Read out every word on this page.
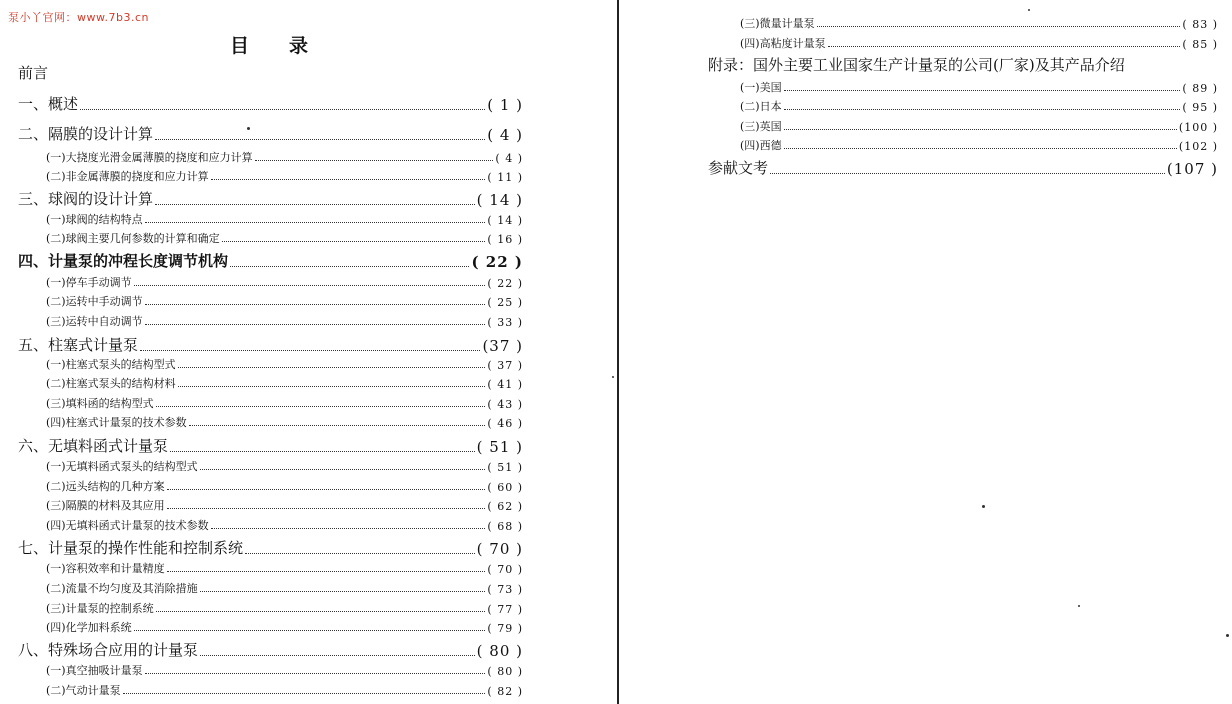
泵小丫官网：www.7b3.cn
目录
前言
一、概述	( 1 )
二、隔膜的设计计算	( 4 )
(一)大挠度光滑金属薄膜的挠度和应力计算	( 4 )
(二)非金属薄膜的挠度和应力计算	( 11 )
三、球阀的设计计算	( 14 )
(一)球阀的结构特点	( 14 )
(二)球阀主要几何参数的计算和确定	( 16 )
四、计量泵的冲程长度调节机构	( 22 )
(一)停车手动调节	( 22 )
(二)运转中手动调节	( 25 )
(三)运转中自动调节	( 33 )
五、柱塞式计量泵	(37 )
(一)柱塞式泵头的结构型式	( 37 )
(二)柱塞式泵头的结构材料	( 41 )
(三)填料函的结构型式	( 43 )
(四)柱塞式计量泵的技术参数	( 46 )
六、无填料函式计量泵	( 51 )
(一)无填料函式泵头的结构型式	( 51 )
(二)远头结构的几种方案	( 60 )
(三)隔膜的材料及其应用	( 62 )
(四)无填料函式计量泵的技术参数	( 68 )
七、计量泵的操作性能和控制系统	( 70 )
(一)容积效率和计量精度	( 70 )
(二)流量不均匀度及其消除措施	( 73 )
(三)计量泵的控制系统	( 77 )
(四)化学加料系统	( 79 )
八、特殊场合应用的计量泵	( 80 )
(一)真空抽吸计量泵	( 80 )
(二)气动计量泵	( 82 )
(三)微量计量泵	( 83 )
(四)高粘度计量泵	( 85 )
附录：国外主要工业国家生产计量泵的公司(厂家)及其产品介绍
(一)美国	( 89 )
(二)日本	( 95 )
(三)英国	(100 )
(四)西德	(102 )
参献文考	(107 )
